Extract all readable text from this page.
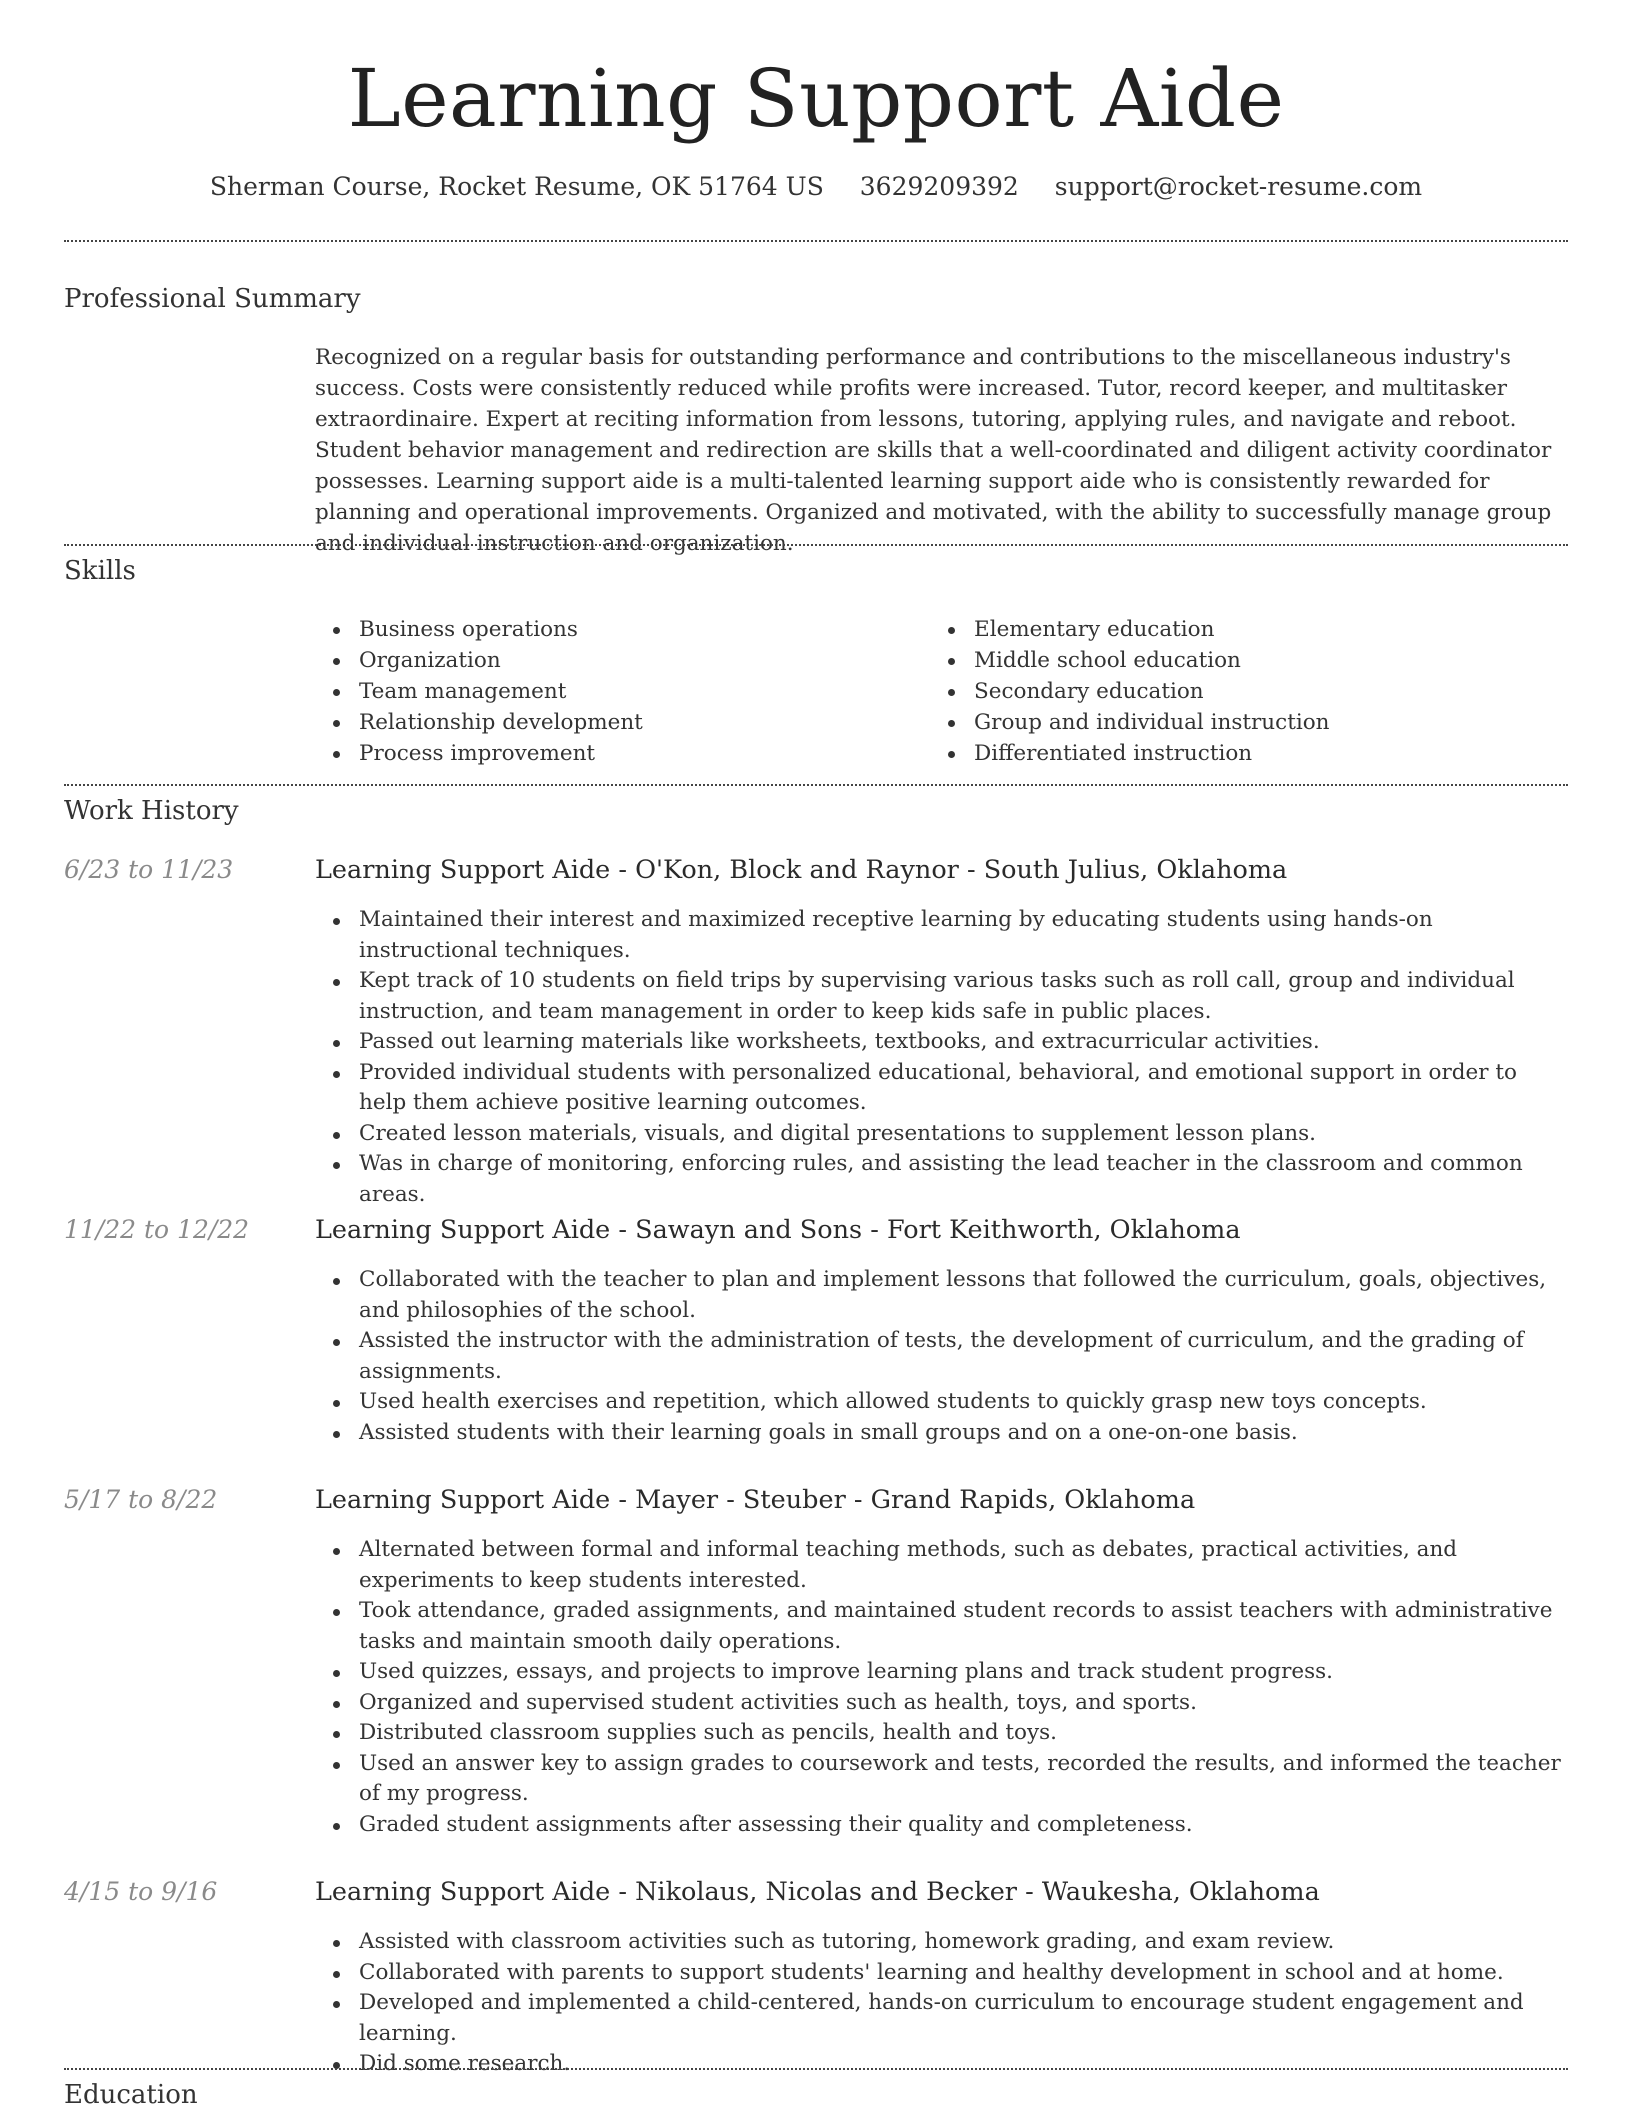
Learning Support Aide
Sherman Course, Rocket Resume, OK 51764 US 3629209392 support@rocket-resume.com
Professional Summary

Recognized on a regular basis for outstanding performance and contributions to the miscellaneous industry's success. Costs were consistently reduced while profits were increased. Tutor, record keeper, and multitasker extraordinaire. Expert at reciting information from lessons, tutoring, applying rules, and navigate and reboot. Student behavior management and redirection are skills that a well-coordinated and diligent activity coordinator possesses. Learning support aide is a multi-talented learning support aide who is consistently rewarded for planning and operational improvements. Organized and motivated, with the ability to successfully manage group and individual instruction and organization.

Skills
Business operations
Organization
Team management
Relationship development
Process improvement
Elementary education
Middle school education
Secondary education
Group and individual instruction
Differentiated instruction
Work History
6/23 to 11/23	Learning Support Aide - O'Kon, Block and Raynor - South Julius, Oklahoma
Maintained their interest and maximized receptive learning by educating students using hands-on instructional techniques.
Kept track of 10 students on field trips by supervising various tasks such as roll call, group and individual instruction, and team management in order to keep kids safe in public places.
Passed out learning materials like worksheets, textbooks, and extracurricular activities.
Provided individual students with personalized educational, behavioral, and emotional support in order to help them achieve positive learning outcomes.
Created lesson materials, visuals, and digital presentations to supplement lesson plans.
Was in charge of monitoring, enforcing rules, and assisting the lead teacher in the classroom and common areas.
11/22 to 12/22	Learning Support Aide - Sawayn and Sons - Fort Keithworth, Oklahoma
Collaborated with the teacher to plan and implement lessons that followed the curriculum, goals, objectives, and philosophies of the school.
Assisted the instructor with the administration of tests, the development of curriculum, and the grading of assignments.
Used health exercises and repetition, which allowed students to quickly grasp new toys concepts.
Assisted students with their learning goals in small groups and on a one-on-one basis.
5/17 to 8/22	Learning Support Aide - Mayer - Steuber - Grand Rapids, Oklahoma
Alternated between formal and informal teaching methods, such as debates, practical activities, and experiments to keep students interested.
Took attendance, graded assignments, and maintained student records to assist teachers with administrative tasks and maintain smooth daily operations.
Used quizzes, essays, and projects to improve learning plans and track student progress.
Organized and supervised student activities such as health, toys, and sports.
Distributed classroom supplies such as pencils, health and toys.
Used an answer key to assign grades to coursework and tests, recorded the results, and informed the teacher of my progress.
Graded student assignments after assessing their quality and completeness.
4/15 to 9/16	Learning Support Aide - Nikolaus, Nicolas and Becker - Waukesha, Oklahoma
Assisted with classroom activities such as tutoring, homework grading, and exam review.
Collaborated with parents to support students' learning and healthy development in school and at home.
Developed and implemented a child-centered, hands-on curriculum to encourage student engagement and learning.
Did some research.
Education
